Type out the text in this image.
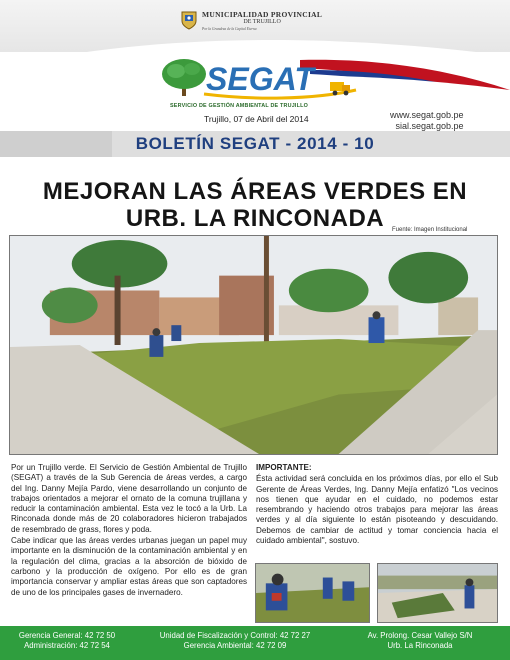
MUNICIPALIDAD PROVINCIAL
DE TRUJILLO
Por la Grandeza de la Capital Eterna
SEGAT
SERVICIO DE GESTIÓN AMBIENTAL DE TRUJILLO
Trujillo, 07 de Abril del 2014	www.segat.gob.pe
sial.segat.gob.pe
BOLETÍN SEGAT - 2014 - 10
MEJORAN LAS ÁREAS VERDES EN
URB. LA RINCONADA	Fuente: Imagen Institucional

Por un Trujillo verde. El Servicio de Gestión Ambiental de Trujillo (SEGAT) a través de la Sub Gerencia de áreas verdes, a cargo del Ing. Danny Mejía Pardo, viene desarrollando un conjunto de trabajos orientados a mejorar el ornato de la comuna trujillana y reducir la contaminación ambiental. Esta vez le tocó a la Urb. La Rinconada donde más de 20 colaboradores hicieron trabajados de resembrado de grass, flores y poda.

Cabe indicar que las áreas verdes urbanas juegan un papel muy importante en la disminución de la contaminación ambiental y en la regulación del clima, gracias a la absorción de bióxido de carbono y la producción de oxígeno. Por ello es de gran importancia conservar y ampliar estas áreas que son captadores de uno de los principales gases de invernadero.

IMPORTANTE:

Ésta actividad será concluida en los próximos días, por ello el Sub Gerente de Áreas Verdes, Ing. Danny Mejía enfatizó "Los vecinos nos tienen que ayudar en el cuidado, no podemos estar resembrando y haciendo otros trabajos para mejorar las áreas verdes y al día siguiente lo están pisoteando y descuidando. Debemos de cambiar de actitud y tomar conciencia hacia el cuidado ambiental", sostuvo.

Gerencia General: 42 72 50
Administración: 42 72 54
Unidad de Fiscalización y Control: 42 72 27
Gerencia Ambiental: 42 72 09
Av. Prolong. Cesar Vallejo S/N
Urb. La Rinconada
